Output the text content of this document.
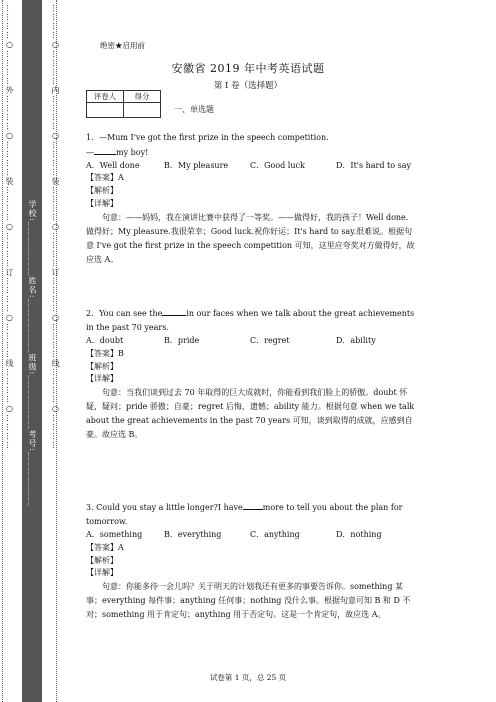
…………○…………外…………○…………装…………○…………订…………○…………线…………○………… 学校:___________姓名:___________班级:___________考号:___________ …………○…………内…………○…………装…………○…………订…………○…………线…………○…………	绝密★启用前
安徽省 2019 年中考英语试题
第 I 卷（选择题）
评卷人	得分

一、单选题

1．—Mum I've got the first prize in the speech competition.

—	my boy!

A．Well done	B．My pleasure	C．Good luck	D．It's hard to say

【答案】A

【解析】

【详解】

句意：——妈妈，我在演讲比赛中获得了一等奖。——做得好，我的孩子！Well done. 做得好；My pleasure.我很荣幸；Good luck.祝你好运；It's hard to say.很难说。根据句意 I've got the first prize in the speech competition 可知，这里应夸奖对方做得好，故应选 A。

2．You can see the	in our faces when we talk about the great achievements in the past 70 years.

A．doubt	B．pride	C．regret	D．ability

【答案】B

【解析】

【详解】

句意：当我们谈到过去 70 年取得的巨大成就时，你能看到我们脸上的骄傲。doubt 怀疑，疑问；pride 骄傲；自豪；regret 后悔，遗憾；ability 能力。根据句意 when we talk about the great achievements in the past 70 years 可知，谈到取得的成就，应感到自豪。故应选 B。

3. Could you stay a little longer?I have	more to tell you about the plan for tomorrow.

A．something	B．everything	C．anything	D．nothing

【答案】A

【解析】

【详解】

句意：你能多待一会儿吗？关于明天的计划我还有更多的事要告诉你。something 某事；everything 每件事；anything 任何事；nothing 没什么事。根据句意可知 B 和 D 不对；something 用于肯定句；anything 用于否定句。这是一个肯定句，故应选 A。

试卷第 1 页，总 25 页
